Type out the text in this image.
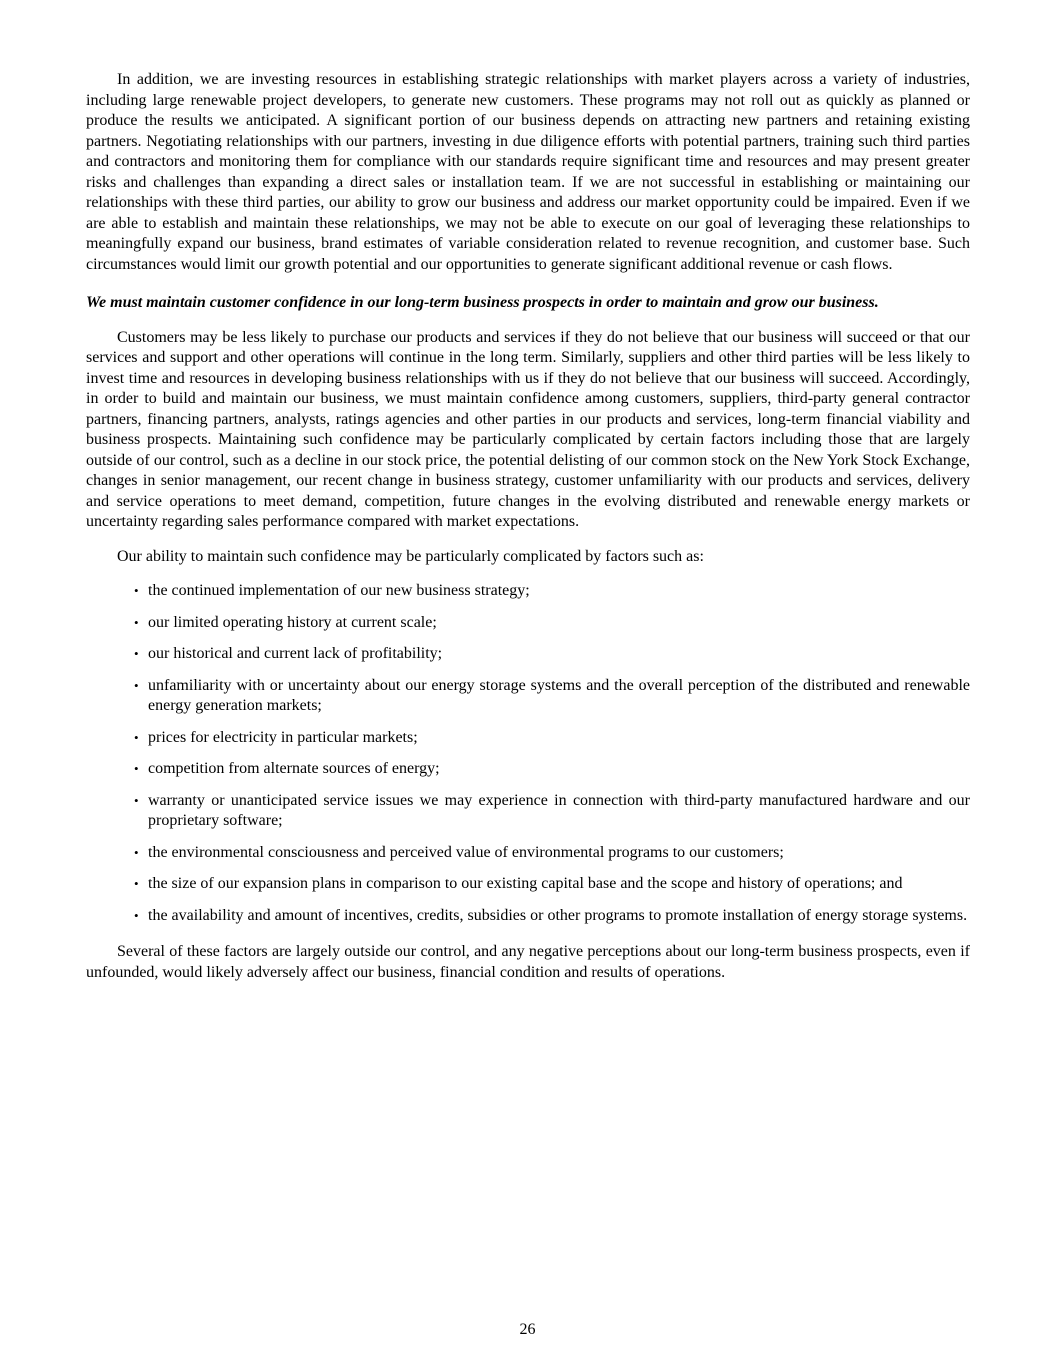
In addition, we are investing resources in establishing strategic relationships with market players across a variety of industries, including large renewable project developers, to generate new customers. These programs may not roll out as quickly as planned or produce the results we anticipated. A significant portion of our business depends on attracting new partners and retaining existing partners. Negotiating relationships with our partners, investing in due diligence efforts with potential partners, training such third parties and contractors and monitoring them for compliance with our standards require significant time and resources and may present greater risks and challenges than expanding a direct sales or installation team. If we are not successful in establishing or maintaining our relationships with these third parties, our ability to grow our business and address our market opportunity could be impaired. Even if we are able to establish and maintain these relationships, we may not be able to execute on our goal of leveraging these relationships to meaningfully expand our business, brand estimates of variable consideration related to revenue recognition, and customer base. Such circumstances would limit our growth potential and our opportunities to generate significant additional revenue or cash flows.

We must maintain customer confidence in our long-term business prospects in order to maintain and grow our business.

Customers may be less likely to purchase our products and services if they do not believe that our business will succeed or that our services and support and other operations will continue in the long term. Similarly, suppliers and other third parties will be less likely to invest time and resources in developing business relationships with us if they do not believe that our business will succeed. Accordingly, in order to build and maintain our business, we must maintain confidence among customers, suppliers, third-party general contractor partners, financing partners, analysts, ratings agencies and other parties in our products and services, long-term financial viability and business prospects. Maintaining such confidence may be particularly complicated by certain factors including those that are largely outside of our control, such as a decline in our stock price, the potential delisting of our common stock on the New York Stock Exchange, changes in senior management, our recent change in business strategy, customer unfamiliarity with our products and services, delivery and service operations to meet demand, competition, future changes in the evolving distributed and renewable energy markets or uncertainty regarding sales performance compared with market expectations.

Our ability to maintain such confidence may be particularly complicated by factors such as:

• the continued implementation of our new business strategy;
• our limited operating history at current scale;
• our historical and current lack of profitability;
• unfamiliarity with or uncertainty about our energy storage systems and the overall perception of the distributed and renewable energy generation markets;
• prices for electricity in particular markets;
• competition from alternate sources of energy;
• warranty or unanticipated service issues we may experience in connection with third-party manufactured hardware and our proprietary software;
• the environmental consciousness and perceived value of environmental programs to our customers;
• the size of our expansion plans in comparison to our existing capital base and the scope and history of operations; and
• the availability and amount of incentives, credits, subsidies or other programs to promote installation of energy storage systems.

Several of these factors are largely outside our control, and any negative perceptions about our long-term business prospects, even if unfounded, would likely adversely affect our business, financial condition and results of operations.

26
